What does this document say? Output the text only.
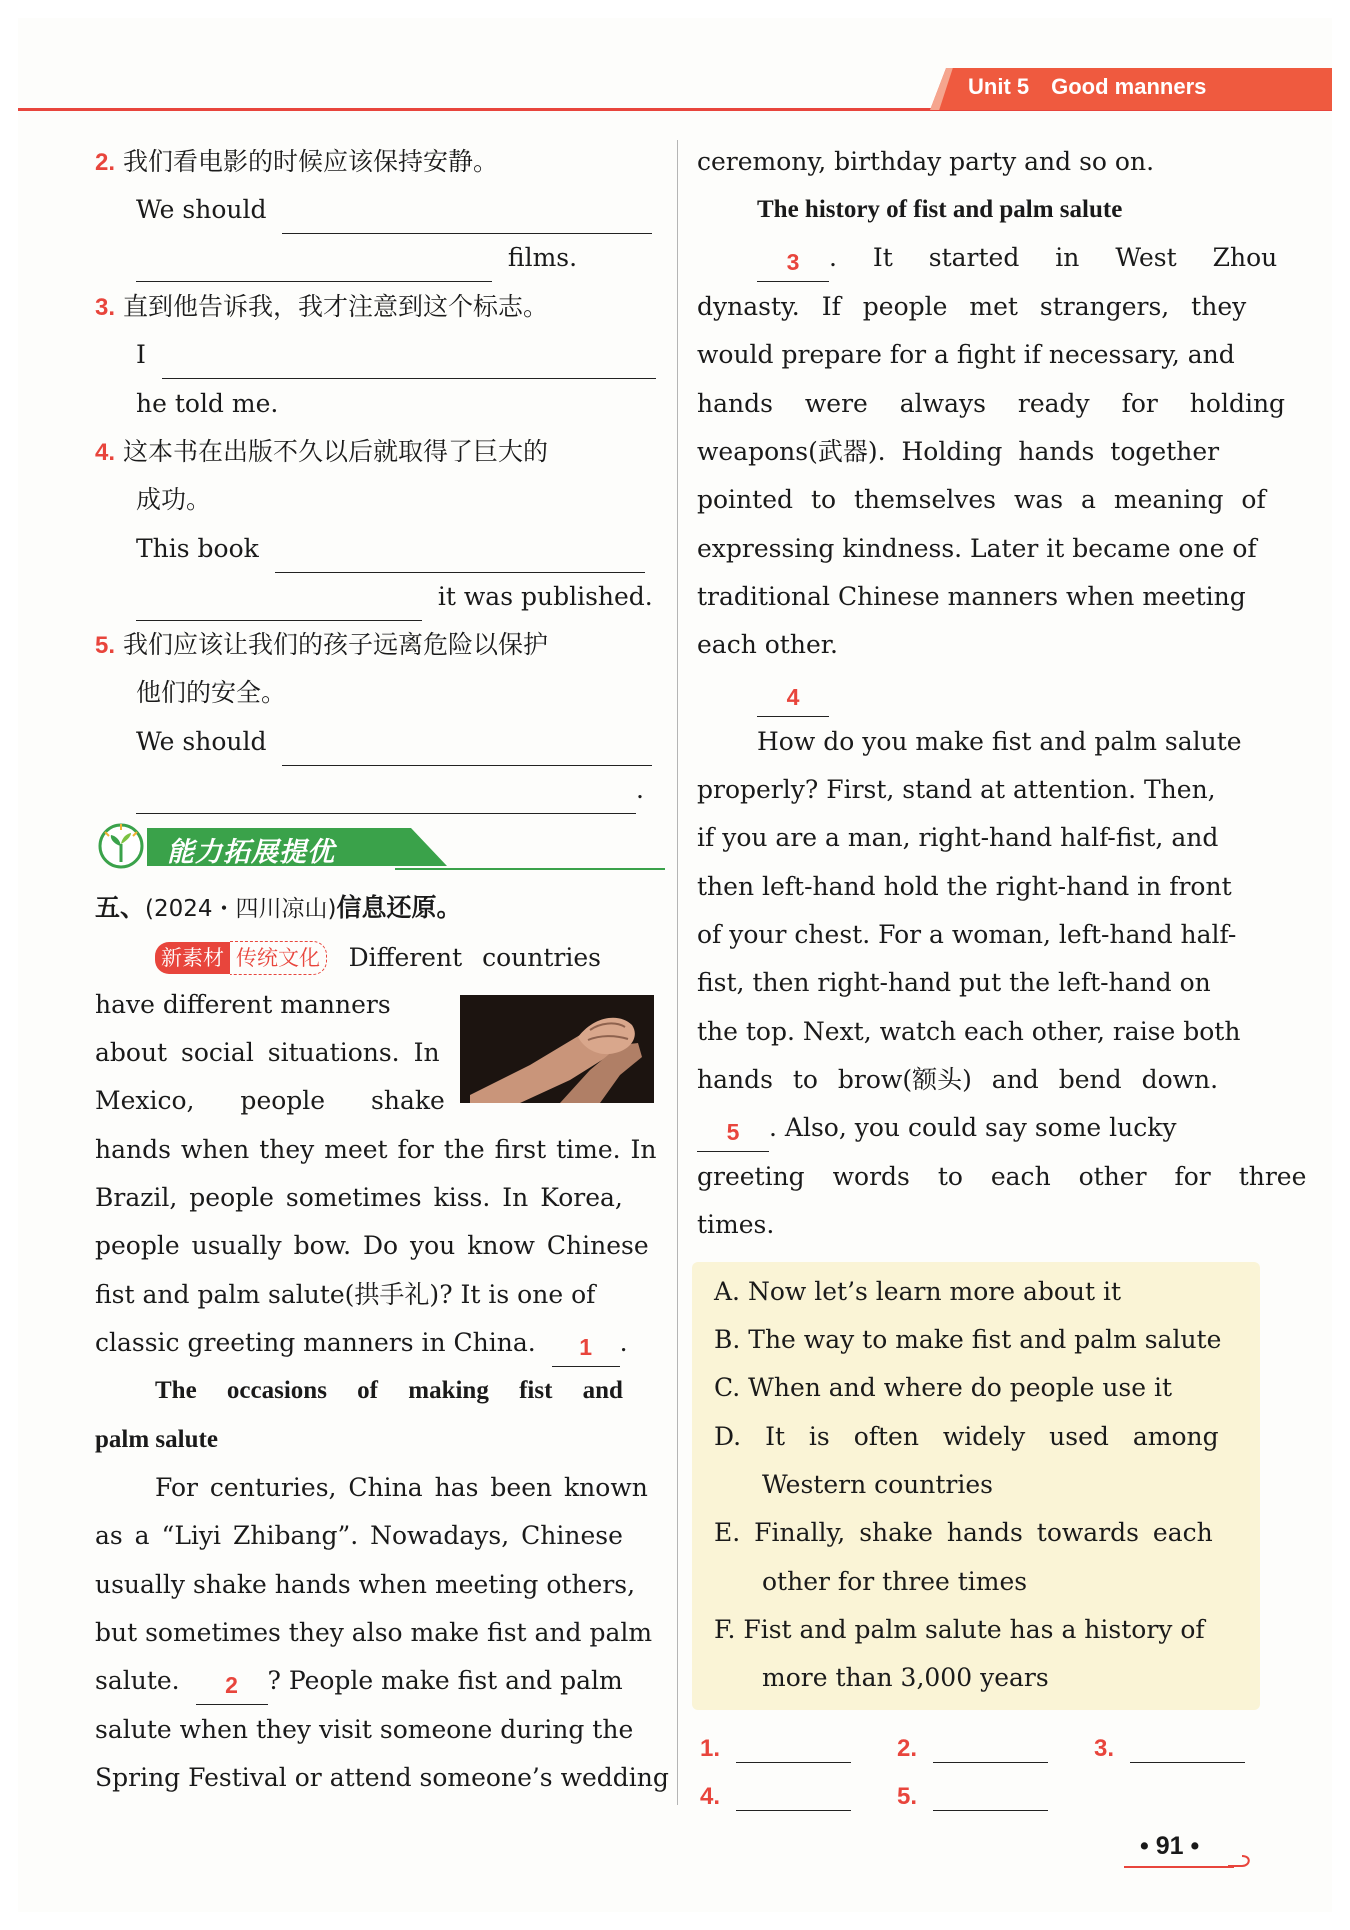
Unit 5 Good manners
2. 我们看电影的时候应该保持安静。
We should
films.
3. 直到他告诉我，我才注意到这个标志。
I
he told me.
4. 这本书在出版不久以后就取得了巨大的
成功。
This book
it was published.
5. 我们应该让我们的孩子远离危险以保护
他们的安全。
We should
.
能力拓展提优
五、(2024・四川凉山)信息还原。
新素材 传统文化 Different countries
have different manners
about social situations. In
Mexico, people shake
hands when they meet for the first time. In
Brazil, people sometimes kiss. In Korea,
people usually bow. Do you know Chinese
fist and palm salute(拱手礼)? It is one of
classic greeting manners in China. 1 .
The occasions of making fist and
palm salute
For centuries, China has been known
as a “Liyi Zhibang”. Nowadays, Chinese
usually shake hands when meeting others,
but sometimes they also make fist and palm
salute. 2 ? People make fist and palm
salute when they visit someone during the
Spring Festival or attend someone’s wedding
ceremony, birthday party and so on.
The history of fist and palm salute
3 . It started in West Zhou
dynasty. If people met strangers, they
would prepare for a fight if necessary, and
hands were always ready for holding
weapons(武器). Holding hands together
pointed to themselves was a meaning of
expressing kindness. Later it became one of
traditional Chinese manners when meeting
each other.
4
How do you make fist and palm salute
properly? First, stand at attention. Then,
if you are a man, right-hand half-fist, and
then left-hand hold the right-hand in front
of your chest. For a woman, left-hand half-
fist, then right-hand put the left-hand on
the top. Next, watch each other, raise both
hands to brow(额头) and bend down.
5 . Also, you could say some lucky
greeting words to each other for three
times.
A. Now let’s learn more about it
B. The way to make fist and palm salute
C. When and where do people use it
D. It is often widely used among
Western countries
E. Finally, shake hands towards each
other for three times
F. Fist and palm salute has a history of
more than 3,000 years
1.	2.	3.
4.	5.
• 91 •
